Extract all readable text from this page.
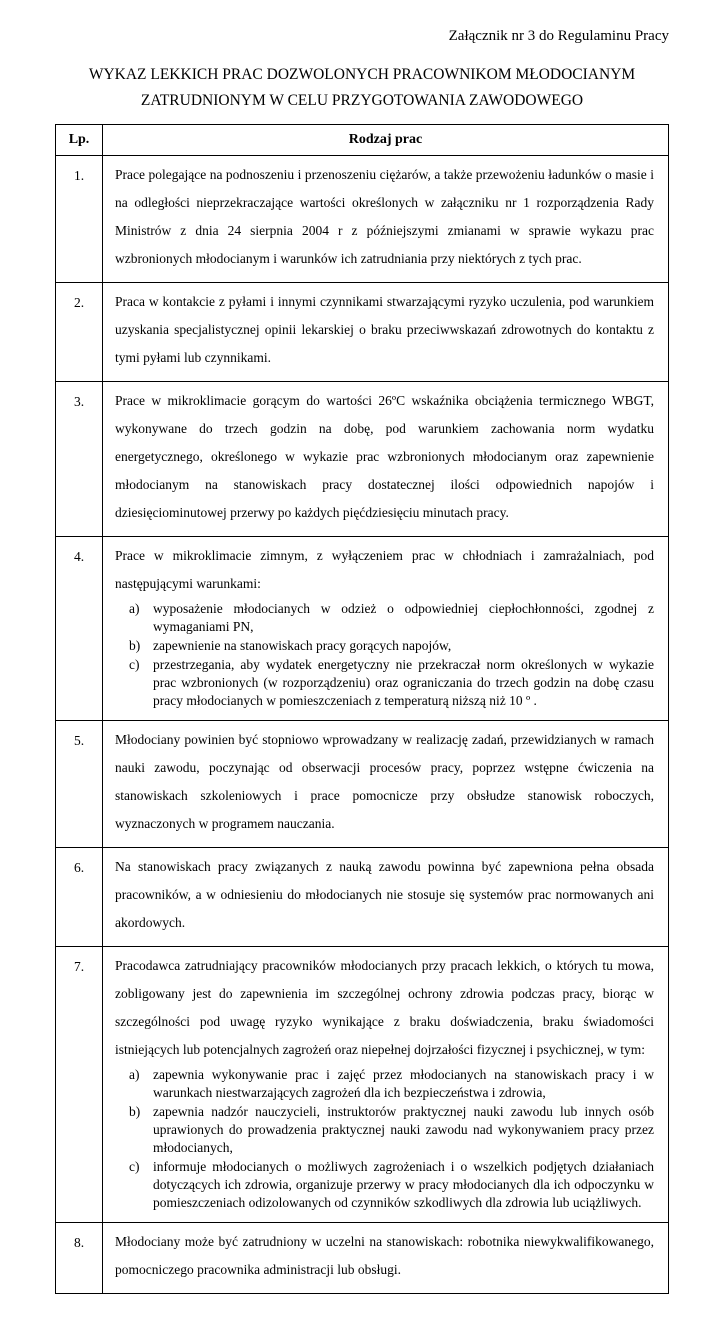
Załącznik nr 3 do Regulaminu Pracy
WYKAZ LEKKICH PRAC DOZWOLONYCH PRACOWNIKOM MŁODOCIANYM
ZATRUDNIONYM W CELU PRZYGOTOWANIA ZAWODOWEGO
Lp.	Rodzaj prac
1.	Prace polegające na podnoszeniu i przenoszeniu ciężarów, a także przewożeniu ładunków o masie i na odległości nieprzekraczające wartości określonych w załączniku nr 1 rozporządzenia Rady Ministrów z dnia 24 sierpnia 2004 r z późniejszymi zmianami w sprawie wykazu prac wzbronionych młodocianym i warunków ich zatrudniania przy niektórych z tych prac.

2.	Praca w kontakcie z pyłami i innymi czynnikami stwarzającymi ryzyko uczulenia, pod warunkiem uzyskania specjalistycznej opinii lekarskiej o braku przeciwwskazań zdrowotnych do kontaktu z tymi pyłami lub czynnikami.

3.	Prace w mikroklimacie gorącym do wartości 26ºC wskaźnika obciążenia termicznego WBGT, wykonywane do trzech godzin na dobę, pod warunkiem zachowania norm wydatku energetycznego, określonego w wykazie prac wzbronionych młodocianym oraz zapewnienie młodocianym na stanowiskach pracy dostatecznej ilości odpowiednich napojów i dziesięciominutowej przerwy po każdych pięćdziesięciu minutach pracy.

4.	Prace w mikroklimacie zimnym, z wyłączeniem prac w chłodniach i zamrażalniach, pod następującymi warunkami:
a)	wyposażenie młodocianych w odzież o odpowiedniej ciepłochłonności, zgodnej z wymaganiami PN,
b) zapewnienie na stanowiskach pracy gorących napojów,
c)	przestrzegania, aby wydatek energetyczny nie przekraczał norm określonych w wykazie prac wzbronionych (w rozporządzeniu) oraz ograniczania do trzech godzin na dobę czasu pracy młodocianych w pomieszczeniach z temperaturą niższą niż 10 º .

5.	Młodociany powinien być stopniowo wprowadzany w realizację zadań, przewidzianych w ramach nauki zawodu, poczynając od obserwacji procesów pracy, poprzez wstępne ćwiczenia na stanowiskach szkoleniowych i prace pomocnicze przy obsłudze stanowisk roboczych, wyznaczonych w programem nauczania.

6.	Na stanowiskach pracy związanych z nauką zawodu powinna być zapewniona pełna obsada pracowników, a w odniesieniu do młodocianych nie stosuje się systemów prac normowanych ani akordowych.

7.	Pracodawca zatrudniający pracowników młodocianych przy pracach lekkich, o których tu mowa, zobligowany jest do zapewnienia im szczególnej ochrony zdrowia podczas pracy, biorąc w szczególności pod uwagę ryzyko wynikające z braku doświadczenia, braku świadomości istniejących lub potencjalnych zagrożeń oraz niepełnej dojrzałości fizycznej i psychicznej, w tym:
a)	zapewnia wykonywanie prac i zajęć przez młodocianych na stanowiskach pracy i w warunkach niestwarzających zagrożeń dla ich bezpieczeństwa i zdrowia,
b) zapewnia nadzór nauczycieli, instruktorów praktycznej nauki zawodu lub innych osób uprawionych do prowadzenia praktycznej nauki zawodu nad wykonywaniem pracy przez młodocianych,
c)	informuje młodocianych o możliwych zagrożeniach i o wszelkich podjętych działaniach dotyczących ich zdrowia, organizuje przerwy w pracy młodocianych dla ich odpoczynku w pomieszczeniach odizolowanych od czynników szkodliwych dla zdrowia lub uciążliwych.

8.	Młodociany może być zatrudniony w uczelni na stanowiskach: robotnika niewykwalifikowanego, pomocniczego pracownika administracji lub obsługi.
